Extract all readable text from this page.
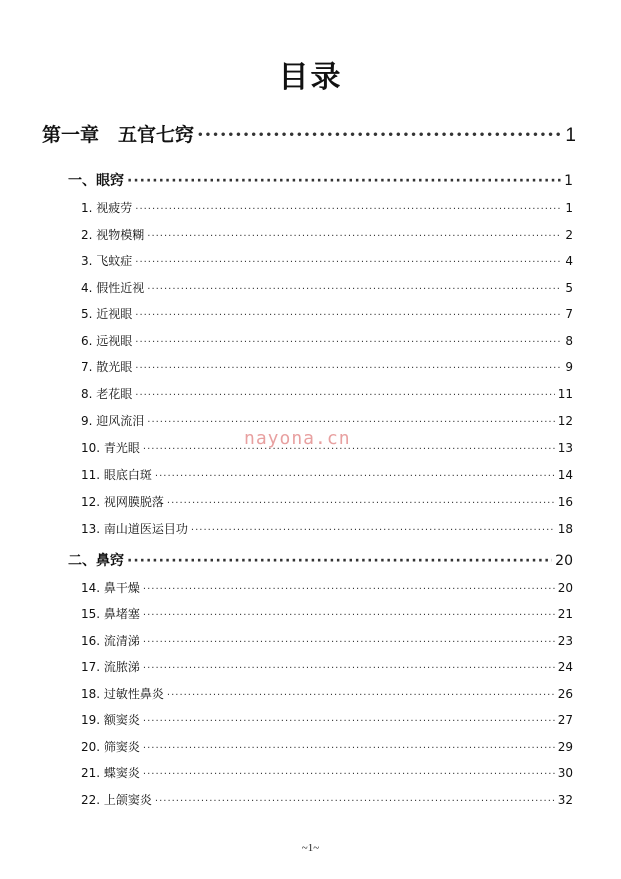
目录
第一章　五官七窍 ·····	1
一、眼窍 ·····	1
1. 视疲劳 ·····	1
2. 视物模糊 ·····	2
3. 飞蚊症 ·····	4
4. 假性近视 ·····	5
5. 近视眼 ·····	7
6. 远视眼 ·····	8
7. 散光眼 ·····	9
8. 老花眼 ·····	11
9. 迎风流泪 ·····	12
10. 青光眼 ·····	13
11. 眼底白斑 ·····	14
12. 视网膜脱落 ·····	16
13. 南山道医运目功 ·····	18
二、鼻窍 ·····	20
14. 鼻干燥 ·····	20
15. 鼻堵塞 ·····	21
16. 流清涕 ·····	23
17. 流脓涕 ·····	24
18. 过敏性鼻炎 ·····	26
19. 额窦炎 ·····	27
20. 筛窦炎 ·····	29
21. 蝶窦炎 ·····	30
22. 上颌窦炎 ·····	32
nayona.cn
~1~
